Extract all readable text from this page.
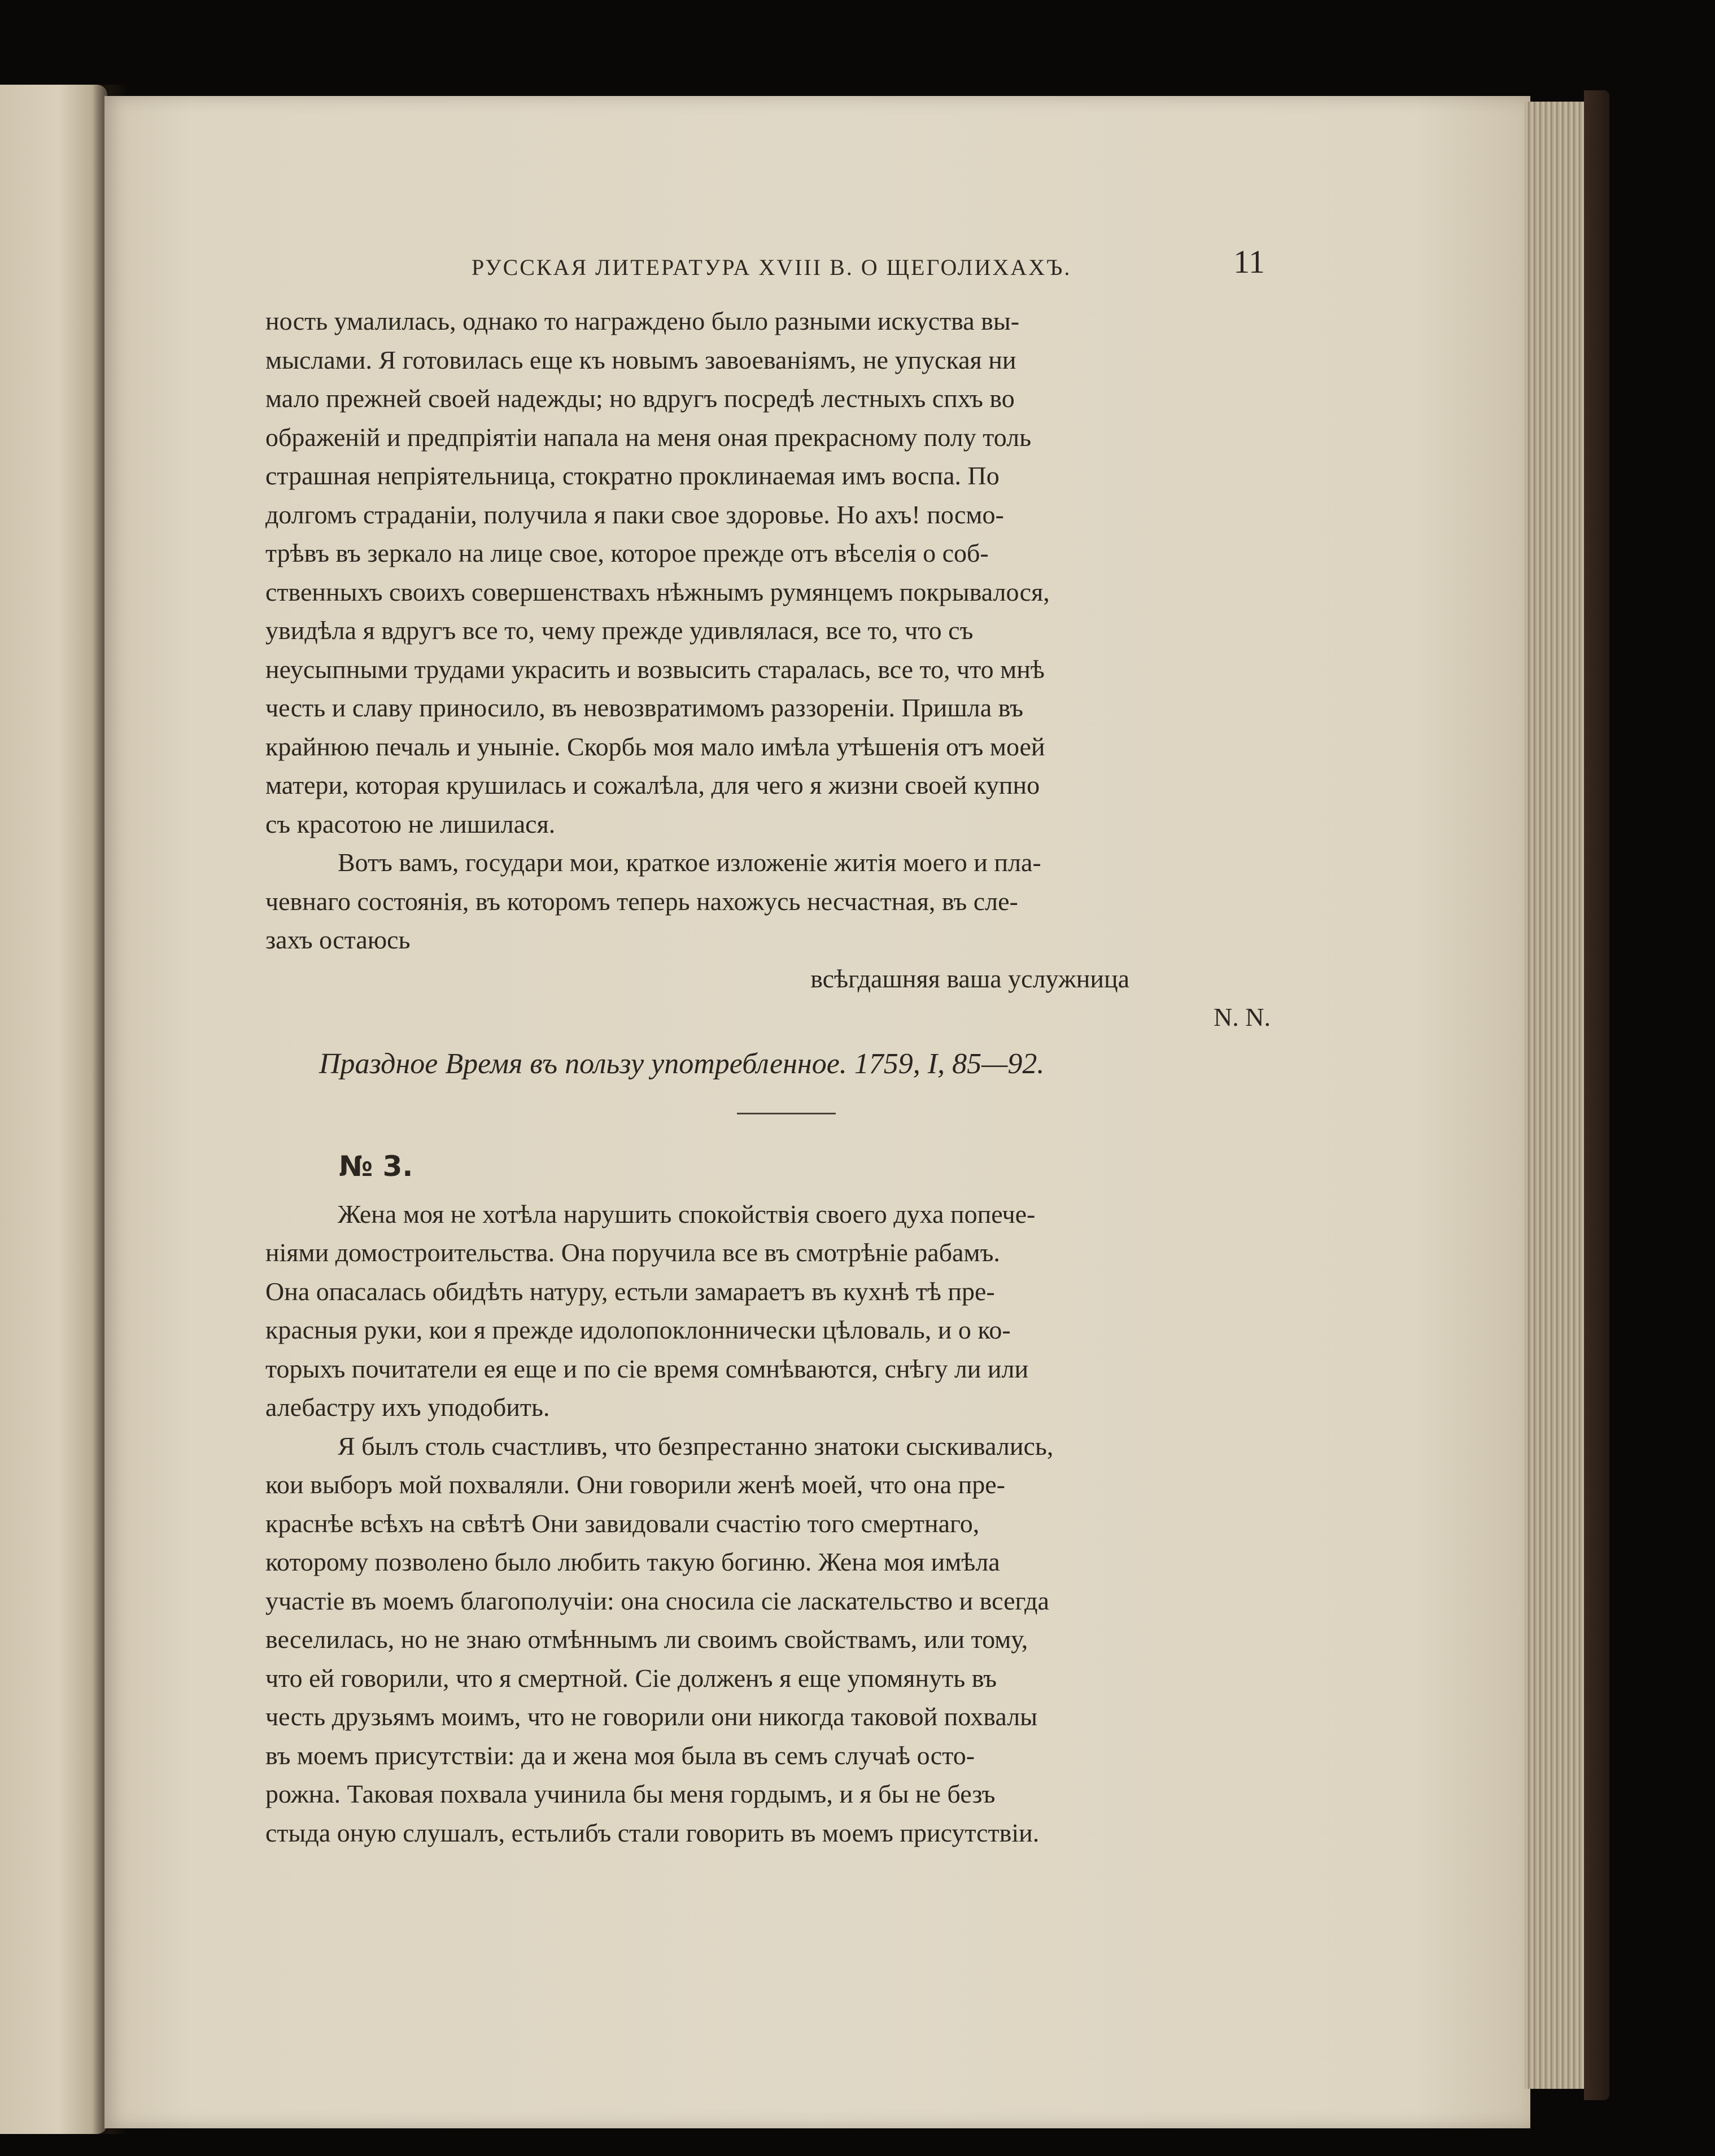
РУССКАЯ ЛИТЕРАТУРА XVIII В. О ЩЕГОЛИХАХЪ.	11

ность умалилась, однако то награждено было разными искуства вы-

мыслами. Я готовилась еще къ новымъ завоеваніямъ, не упуская ни

мало прежней своей надежды; но вдругъ посредѣ лестныхъ спхъ во

ображеній и предпріятіи напала на меня оная прекрасному полу толь

страшная непріятельница, стократно проклинаемая имъ воспа. По

долгомъ страданіи, получила я паки свое здоровье. Но ахъ! посмо-

трѣвъ въ зеркало на лице свое, которое прежде отъ вѣселія о соб-

ственныхъ своихъ совершенствахъ нѣжнымъ румянцемъ покрывалося,

увидѣла я вдругъ все то, чему прежде удивлялася, все то, что съ

неусыпными трудами украсить и возвысить старалась, все то, что мнѣ

честь и славу приносило, въ невозвратимомъ раззореніи. Пришла въ

крайнюю печаль и уныніе. Скорбь моя мало имѣла утѣшенія отъ моей

матери, которая крушилась и сожалѣла, для чего я жизни своей купно

съ красотою не лишилася.

Вотъ вамъ, государи мои, краткое изложеніе житія моего и пла-

чевнаго состоянія, въ которомъ теперь нахожусь несчастная, въ сле-

захъ остаюсь

всѣгдашняя ваша услужница

N. N.

Праздное Время въ пользу употребленное. 1759, I, 85—92.

№ 3.

Жена моя не хотѣла нарушить спокойствія своего духа попече-

ніями домостроительства. Она поручила все въ смотрѣніе рабамъ.

Она опасалась обидѣть натуру, естьли замараетъ въ кухнѣ тѣ пре-

красныя руки, кои я прежде идолопоклоннически цѣловаль, и о ко-

торыхъ почитатели ея еще и по сіе время сомнѣваются, снѣгу ли или

алебастру ихъ уподобить.

Я былъ столь счастливъ, что безпрестанно знатоки сыскивались,

кои выборъ мой похваляли. Они говорили женѣ моей, что она пре-

краснѣе всѣхъ на свѣтѣ Они завидовали счастію того смертнаго,

которому позволено было любить такую богиню. Жена моя имѣла

участіе въ моемъ благополучіи: она сносила сіе ласкательство и всегда

веселилась, но не знаю отмѣннымъ ли своимъ свойствамъ, или тому,

что ей говорили, что я смертной. Сіе долженъ я еще упомянуть въ

честь друзьямъ моимъ, что не говорили они никогда таковой похвалы

въ моемъ присутствіи: да и жена моя была въ семъ случаѣ осто-

рожна. Таковая похвала учинила бы меня гордымъ, и я бы не безъ

стыда оную слушалъ, естьлибъ стали говорить въ моемъ присутствіи.
